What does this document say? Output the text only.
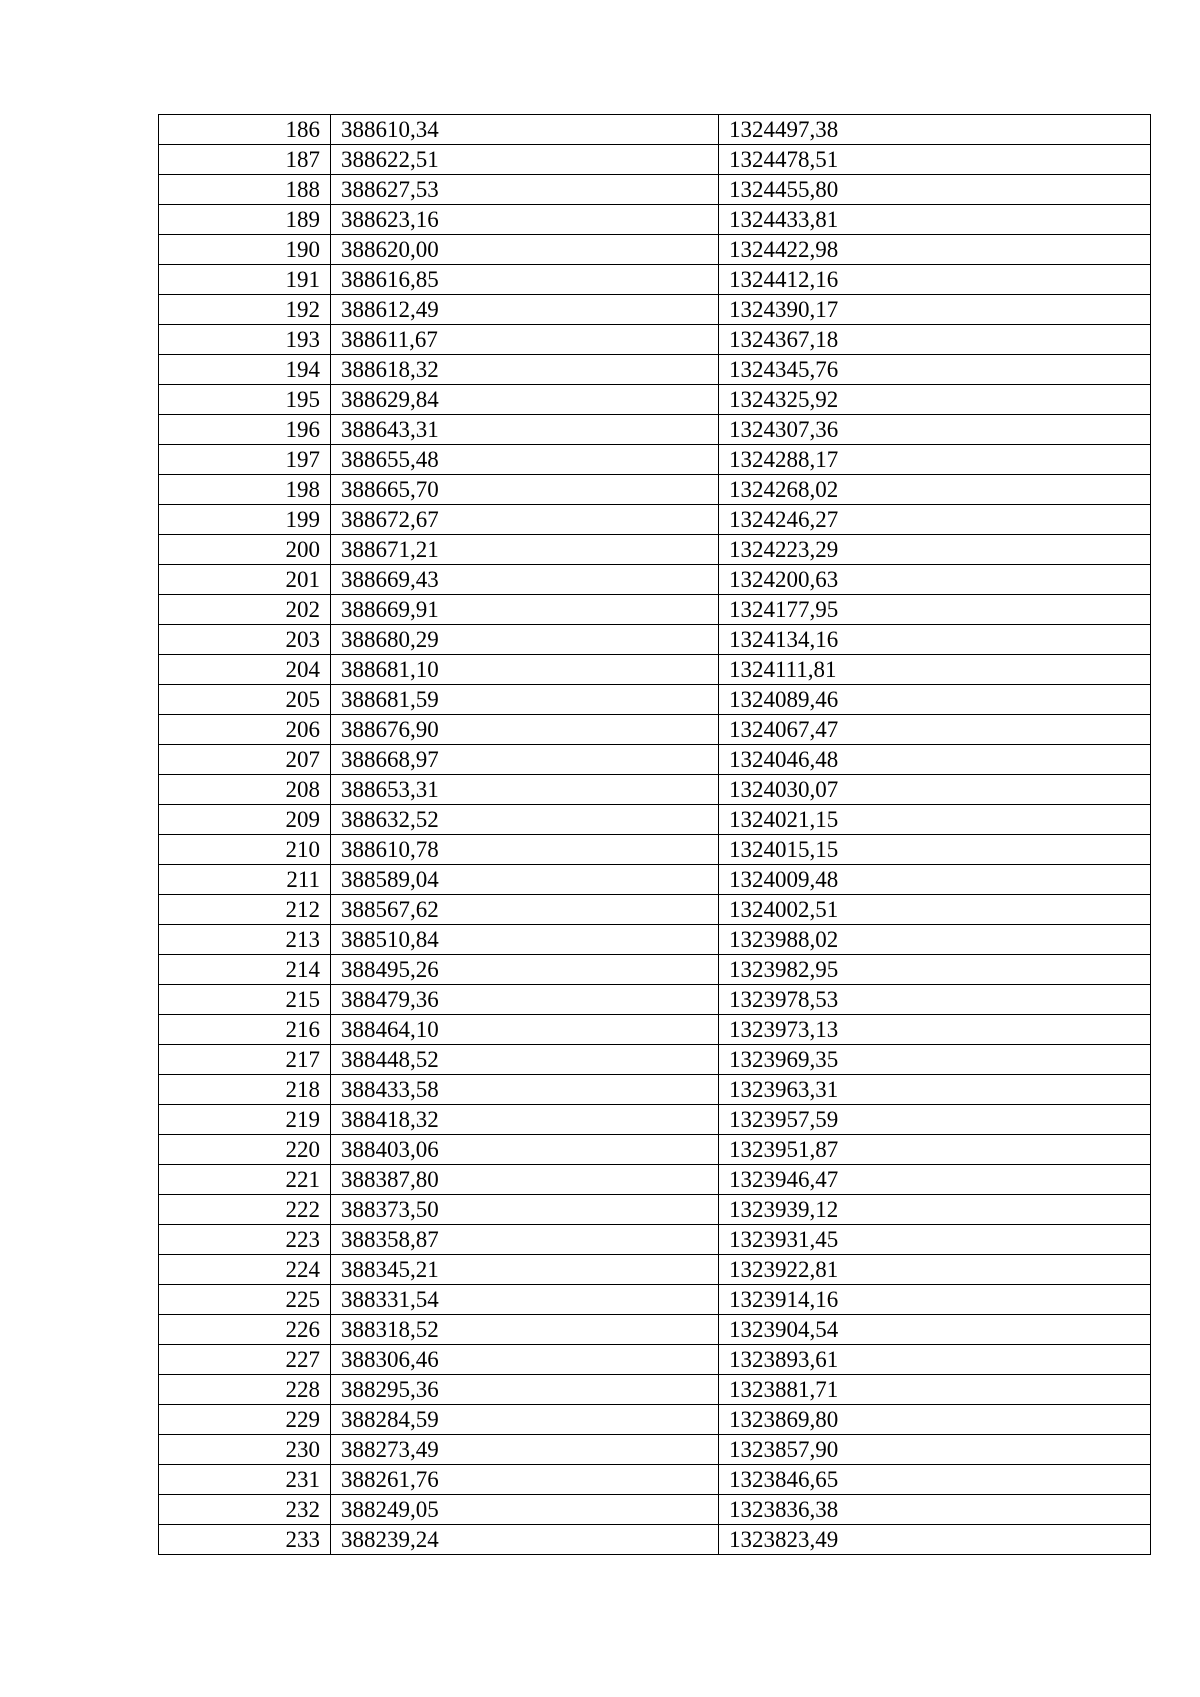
186	388610,34	1324497,38
187	388622,51	1324478,51
188	388627,53	1324455,80
189	388623,16	1324433,81
190	388620,00	1324422,98
191	388616,85	1324412,16
192	388612,49	1324390,17
193	388611,67	1324367,18
194	388618,32	1324345,76
195	388629,84	1324325,92
196	388643,31	1324307,36
197	388655,48	1324288,17
198	388665,70	1324268,02
199	388672,67	1324246,27
200	388671,21	1324223,29
201	388669,43	1324200,63
202	388669,91	1324177,95
203	388680,29	1324134,16
204	388681,10	1324111,81
205	388681,59	1324089,46
206	388676,90	1324067,47
207	388668,97	1324046,48
208	388653,31	1324030,07
209	388632,52	1324021,15
210	388610,78	1324015,15
211	388589,04	1324009,48
212	388567,62	1324002,51
213	388510,84	1323988,02
214	388495,26	1323982,95
215	388479,36	1323978,53
216	388464,10	1323973,13
217	388448,52	1323969,35
218	388433,58	1323963,31
219	388418,32	1323957,59
220	388403,06	1323951,87
221	388387,80	1323946,47
222	388373,50	1323939,12
223	388358,87	1323931,45
224	388345,21	1323922,81
225	388331,54	1323914,16
226	388318,52	1323904,54
227	388306,46	1323893,61
228	388295,36	1323881,71
229	388284,59	1323869,80
230	388273,49	1323857,90
231	388261,76	1323846,65
232	388249,05	1323836,38
233	388239,24	1323823,49
